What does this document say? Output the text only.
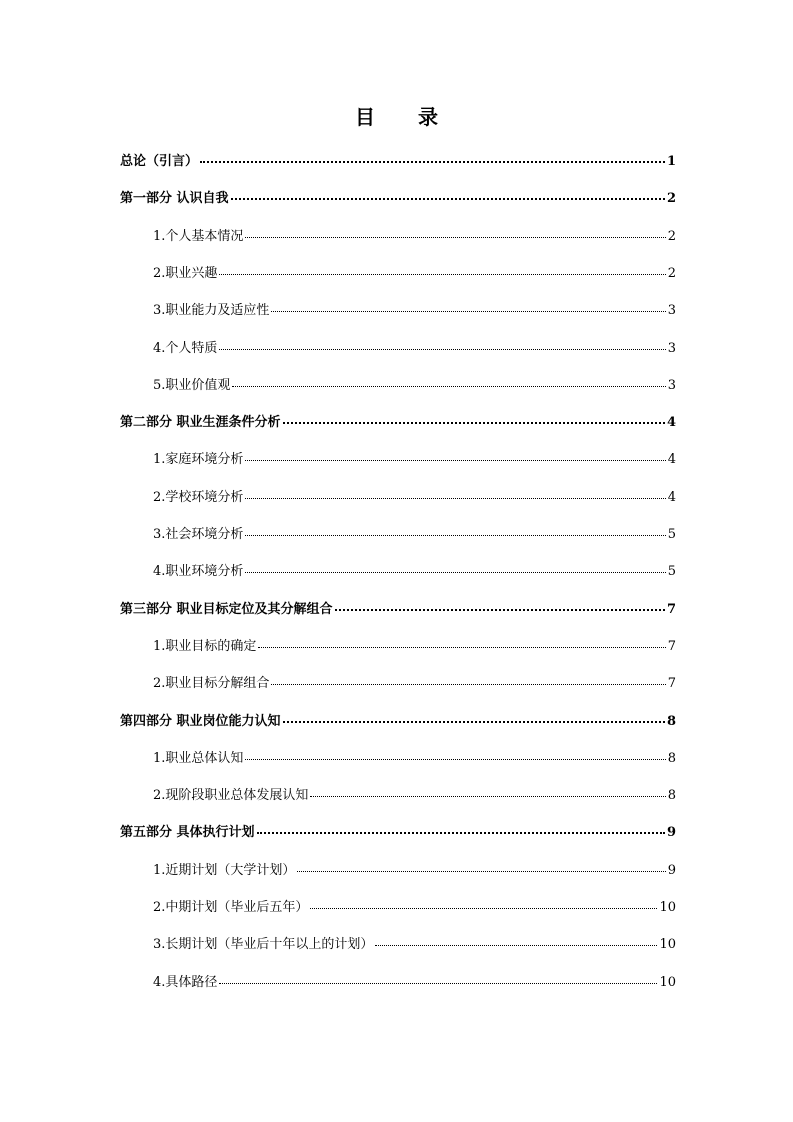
目 录
总论（引言）	1
第一部分 认识自我	2
1.个人基本情况	2
2.职业兴趣	2
3.职业能力及适应性	3
4.个人特质	3
5.职业价值观	3
第二部分 职业生涯条件分析	4
1.家庭环境分析	4
2.学校环境分析	4
3.社会环境分析	5
4.职业环境分析	5
第三部分 职业目标定位及其分解组合	7
1.职业目标的确定	7
2.职业目标分解组合	7
第四部分 职业岗位能力认知	8
1.职业总体认知	8
2.现阶段职业总体发展认知	8
第五部分 具体执行计划	9
1.近期计划（大学计划）	9
2.中期计划（毕业后五年）	10
3.长期计划（毕业后十年以上的计划）	10
4.具体路径	10
